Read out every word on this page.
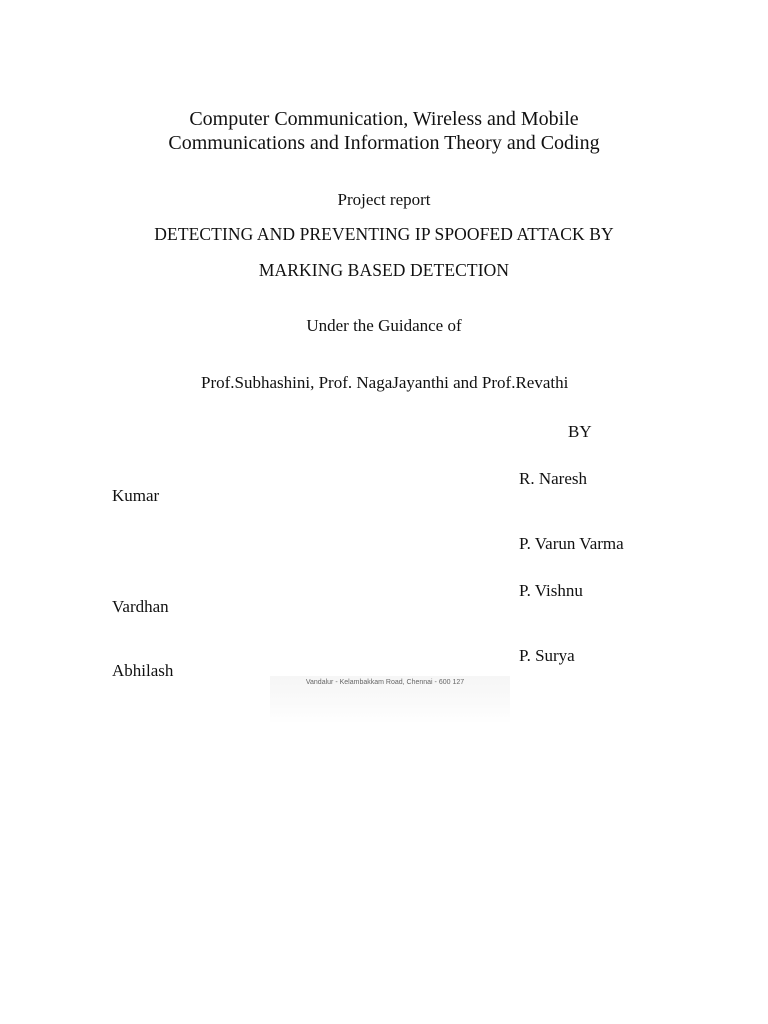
Computer Communication, Wireless and Mobile
Communications and Information Theory and Coding
Project report
DETECTING AND PREVENTING IP SPOOFED ATTACK BY
MARKING BASED DETECTION
Under the Guidance of
Prof.Subhashini, Prof. NagaJayanthi and Prof.Revathi
BY
R. Naresh
Kumar
P. Varun Varma
P. Vishnu
Vardhan
P. Surya
Abhilash
Vandalur - Kelambakkam Road, Chennai - 600 127
